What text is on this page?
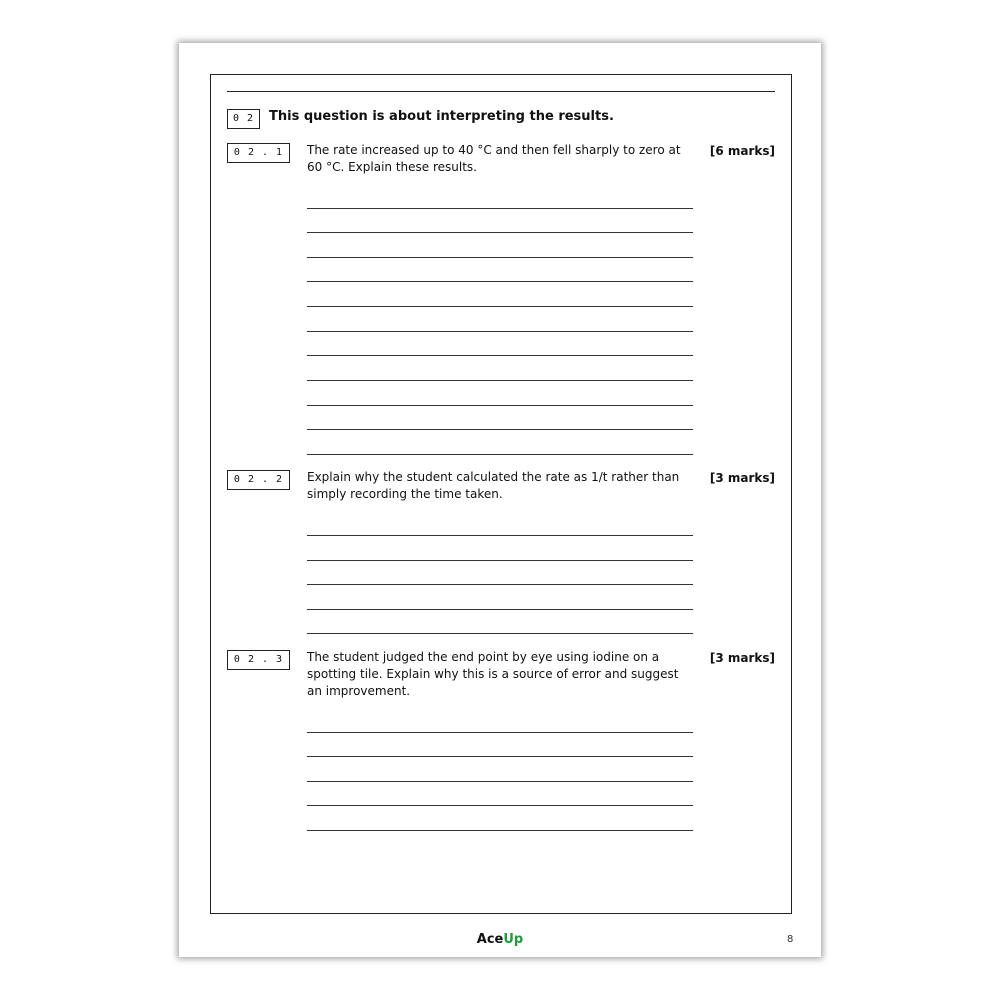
0 2	This question is about interpreting the results.
0 2 . 1	The rate increased up to 40 °C and then fell sharply to zero at 60 °C. Explain these results.
[6 marks]
0 2 . 2	Explain why the student calculated the rate as 1/t rather than simply recording the time taken.
[3 marks]
0 2 . 3	The student judged the end point by eye using iodine on a spotting tile. Explain why this is a source of error and suggest an improvement.
[3 marks]
AceUp	8
